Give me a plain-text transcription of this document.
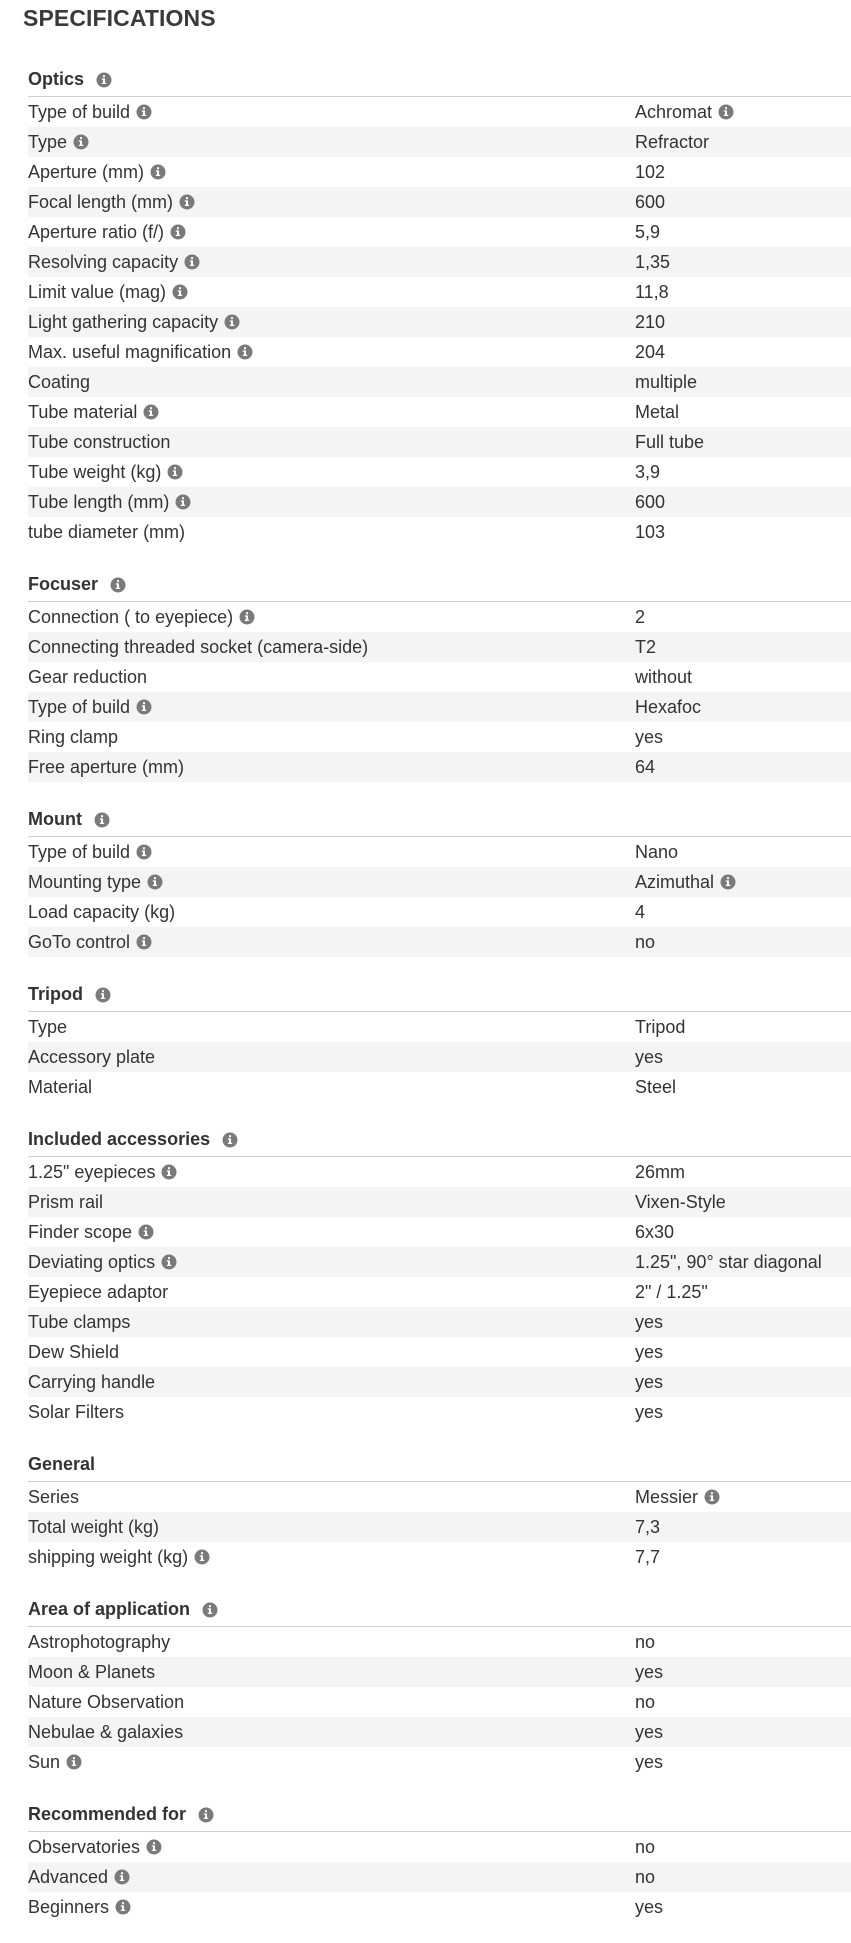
SPECIFICATIONS
Optics
Type of build	Achromat
Type	Refractor
Aperture (mm)	102
Focal length (mm)	600
Aperture ratio (f/)	5,9
Resolving capacity	1,35
Limit value (mag)	11,8
Light gathering capacity	210
Max. useful magnification	204
Coating	multiple
Tube material	Metal
Tube construction	Full tube
Tube weight (kg)	3,9
Tube length (mm)	600
tube diameter (mm)	103
Focuser
Connection ( to eyepiece)	2
Connecting threaded socket (camera-side)	T2
Gear reduction	without
Type of build	Hexafoc
Ring clamp	yes
Free aperture (mm)	64
Mount
Type of build	Nano
Mounting type	Azimuthal
Load capacity (kg)	4
GoTo control	no
Tripod
Type	Tripod
Accessory plate	yes
Material	Steel
Included accessories
1.25" eyepieces	26mm
Prism rail	Vixen-Style
Finder scope	6x30
Deviating optics	1.25", 90° star diagonal
Eyepiece adaptor	2" / 1.25"
Tube clamps	yes
Dew Shield	yes
Carrying handle	yes
Solar Filters	yes
General
Series	Messier
Total weight (kg)	7,3
shipping weight (kg)	7,7
Area of application
Astrophotography	no
Moon & Planets	yes
Nature Observation	no
Nebulae & galaxies	yes
Sun	yes
Recommended for
Observatories	no
Advanced	no
Beginners	yes
